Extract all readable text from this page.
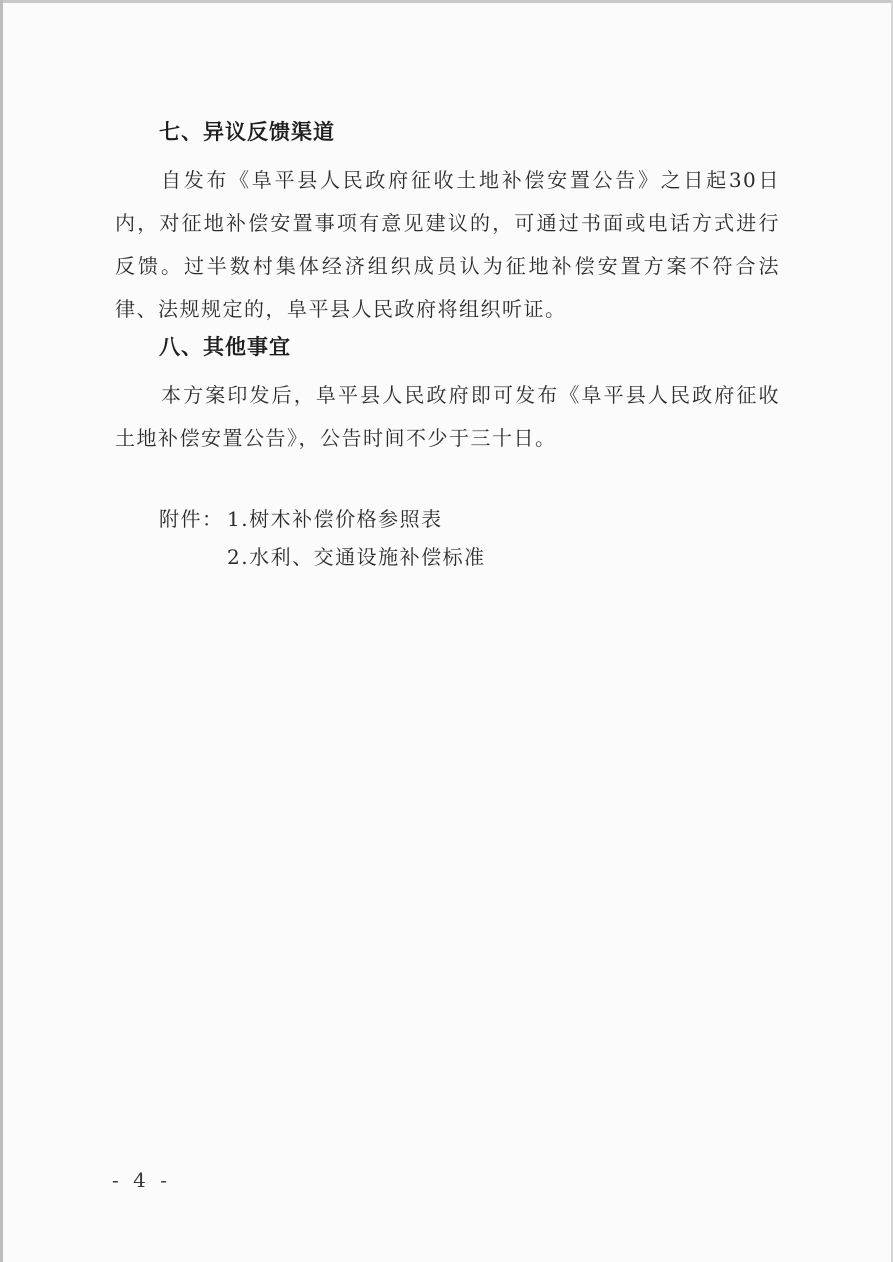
七、异议反馈渠道
自发布《阜平县人民政府征收土地补偿安置公告》之日起30日内，对征地补偿安置事项有意见建议的，可通过书面或电话方式进行反馈。过半数村集体经济组织成员认为征地补偿安置方案不符合法律、法规规定的，阜平县人民政府将组织听证。
八、其他事宜
本方案印发后，阜平县人民政府即可发布《阜平县人民政府征收土地补偿安置公告》，公告时间不少于三十日。
附件： 1.树木补偿价格参照表
2.水利、交通设施补偿标准
- 4 -
